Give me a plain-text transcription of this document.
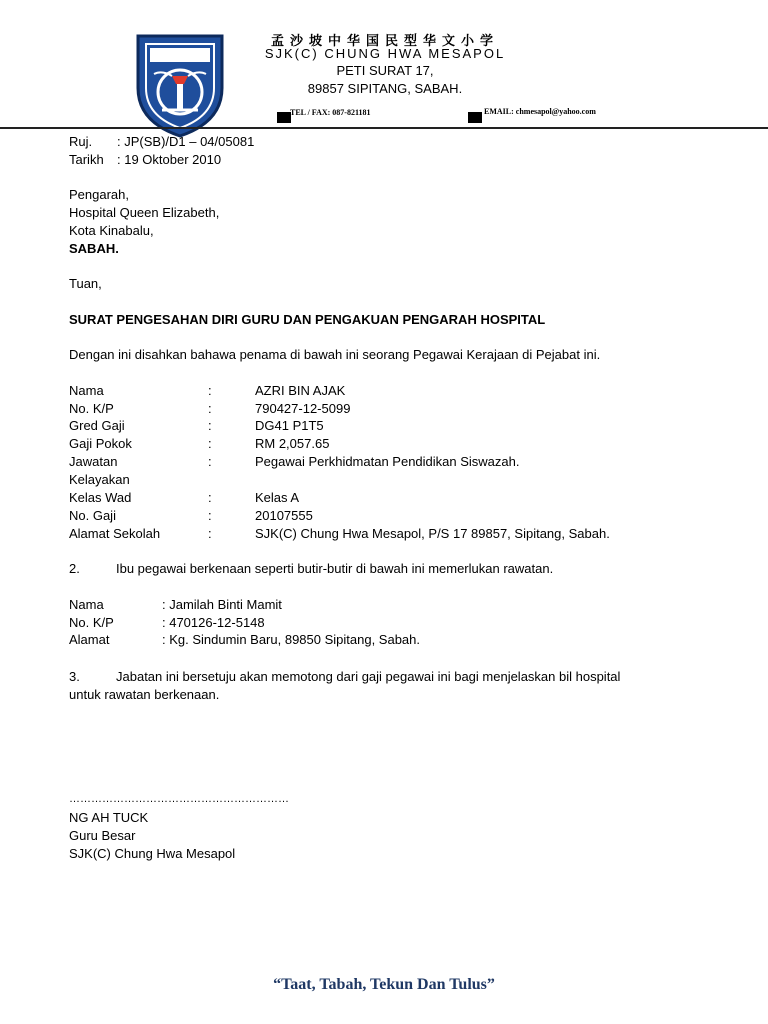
孟沙坡中华国民型华文小学
SJK(C) CHUNG HWA MESAPOL
PETI SURAT 17,
89857 SIPITANG, SABAH.
TEL / FAX: 087-821181	EMAIL: chmesapol@yahoo.com
Ruj. : JP(SB)/D1 – 04/05081
Tarikh : 19 Oktober 2010
Pengarah,
Hospital Queen Elizabeth,
Kota Kinabalu,
SABAH.
Tuan,
SURAT PENGESAHAN DIRI GURU DAN PENGAKUAN PENGARAH HOSPITAL
Dengan ini disahkan bahawa penama di bawah ini seorang Pegawai Kerajaan di Pejabat ini.
Nama	:	AZRI BIN AJAK
No. K/P	:	790427-12-5099
Gred Gaji	:	DG41 P1T5
Gaji Pokok	:	RM 2,057.65
Jawatan	:	Pegawai Perkhidmatan Pendidikan Siswazah.
Kelayakan
Kelas Wad	:	Kelas A
No. Gaji	:	20107555
Alamat Sekolah	:	SJK(C) Chung Hwa Mesapol, P/S 17 89857, Sipitang, Sabah.
2.	Ibu pegawai berkenaan seperti butir-butir di bawah ini memerlukan rawatan.
Nama	: Jamilah Binti Mamit
No. K/P	: 470126-12-5148
Alamat	: Kg. Sindumin Baru, 89850 Sipitang, Sabah.
3.	Jabatan ini bersetuju akan memotong dari gaji pegawai ini bagi menjelaskan bil hospital
untuk rawatan berkenaan.
……………………………………………………
NG AH TUCK
Guru Besar
SJK(C) Chung Hwa Mesapol
“Taat, Tabah, Tekun Dan Tulus”
